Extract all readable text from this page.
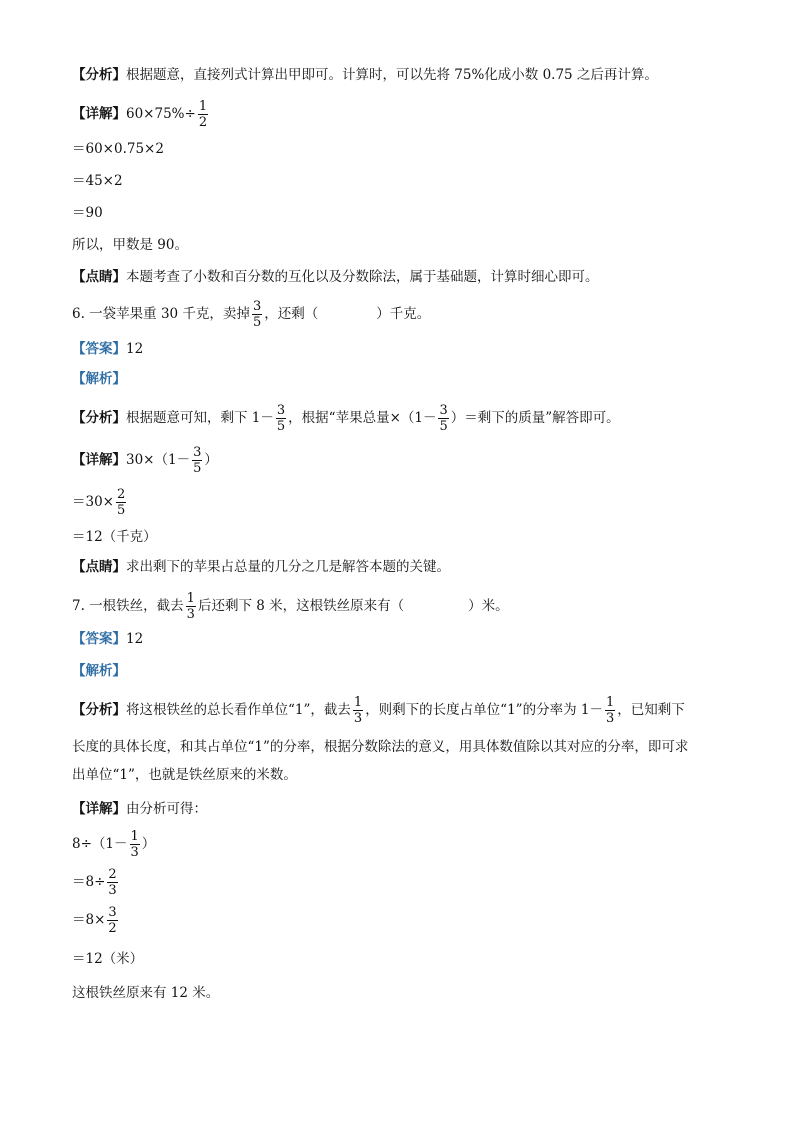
【分析】根据题意，直接列式计算出甲即可。计算时，可以先将 75%化成小数 0.75 之后再计算。
【详解】$60\times 75\%\div \frac{1}{2}$
＝60×0.75×2
＝45×2
＝90
所以，甲数是 90。
【点睛】本题考查了小数和百分数的互化以及分数除法，属于基础题，计算时细心即可。
6. 一袋苹果重 30 千克，卖掉 $\frac{3}{5}$ ，还剩（	）千克。
【答案】12
【解析】
【分析】根据题意可知，剩下 $1- \frac{3}{5}$ ，根据“苹果总量$\times(1- \frac{3}{5}$ ）＝剩下的质量”解答即可。
【详解】$30\times(1- \frac{3}{5}$ ）
$=30\times \frac{2}{5}$
＝12（千克）
【点睛】求出剩下的苹果占总量的几分之几是解答本题的关键。
7. 一根铁丝，截去 $\frac{1}{3}$ 后还剩下 8 米，这根铁丝原来有（	）米。
【答案】12
【解析】
【分析】将这根铁丝的总长看作单位“1”，截去 $\frac{1}{3}$ ，则剩下的长度占单位“1”的分率为 $1- \frac{1}{3}$ ，已知剩下
长度的具体长度，和其占单位“1”的分率，根据分数除法的意义，用具体数值除以其对应的分率，即可求
出单位“1”，也就是铁丝原来的米数。
【详解】由分析可得：
$8\div(1- \frac{1}{3}$ ）
$=8\div \frac{2}{3}$
$=8\times \frac{3}{2}$
＝12（米）
这根铁丝原来有 12 米。
